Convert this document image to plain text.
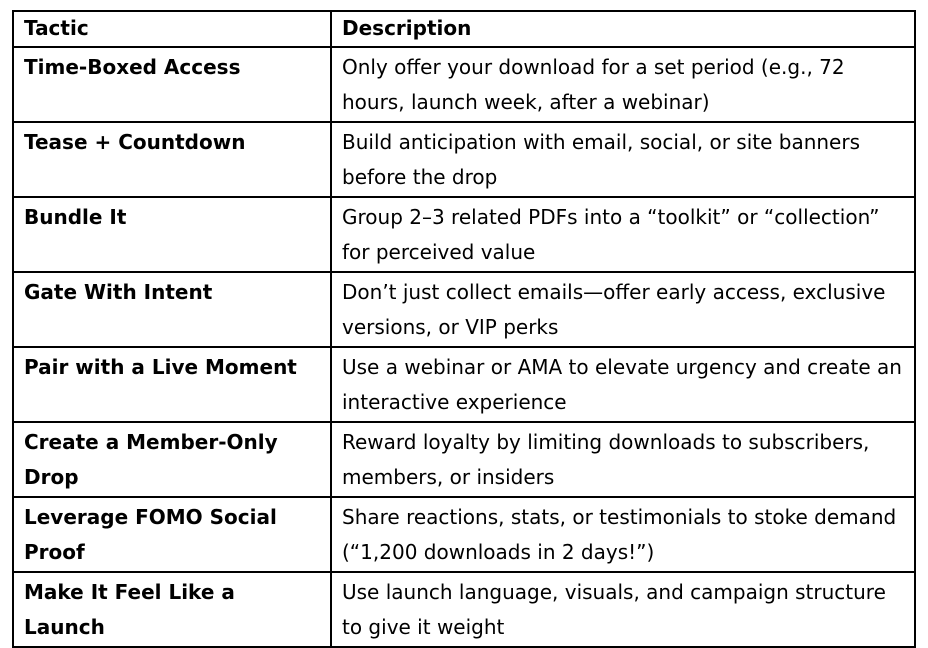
Tactic	Description
Time-Boxed Access	Only offer your download for a set period (e.g., 72 hours, launch week, after a webinar)
Tease + Countdown	Build anticipation with email, social, or site banners before the drop
Bundle It	Group 2–3 related PDFs into a “toolkit” or “collection” for perceived value
Gate With Intent	Don’t just collect emails—offer early access, exclusive versions, or VIP perks
Pair with a Live Moment	Use a webinar or AMA to elevate urgency and create an interactive experience
Create a Member-Only Drop	Reward loyalty by limiting downloads to subscribers, members, or insiders
Leverage FOMO Social Proof	Share reactions, stats, or testimonials to stoke demand (“1,200 downloads in 2 days!”)
Make It Feel Like a Launch	Use launch language, visuals, and campaign structure to give it weight
